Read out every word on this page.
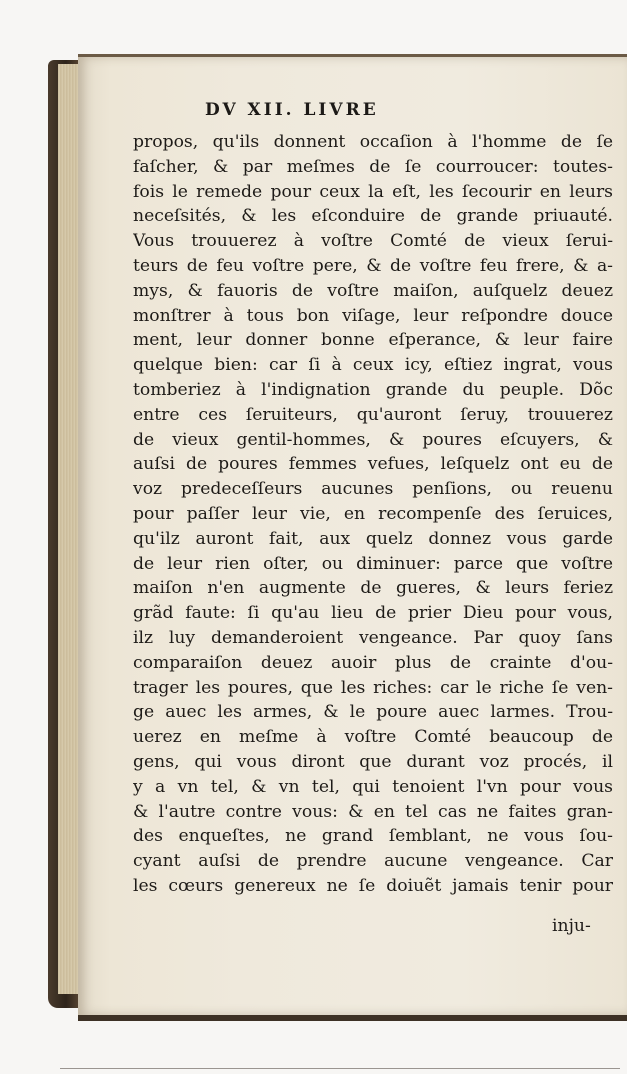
DV XII. LIVRE
propos, qu'ils donnent occaſion à l'homme de ſe
faſcher, & par meſmes de ſe courroucer: toutes-
fois le remede pour ceux la eſt, les ſecourir en leurs
neceſsités, & les eſconduire de grande priuauté.
Vous trouuerez à voſtre Comté de vieux ſerui-
teurs de feu voſtre pere, & de voſtre feu frere, & a-
mys, & fauoris de voſtre maiſon, auſquelz deuez
monſtrer à tous bon viſage, leur reſpondre douce
ment, leur donner bonne eſperance, & leur faire
quelque bien: car ſi à ceux icy, eſtiez ingrat, vous
tomberiez à l'indignation grande du peuple. Dõc
entre ces ſeruiteurs, qu'auront ſeruy, trouuerez
de vieux gentil-hommes, & poures eſcuyers, &
auſsi de poures femmes vefues, leſquelz ont eu de
voz predeceſſeurs aucunes penſions, ou reuenu
pour paſſer leur vie, en recompenſe des ſeruices,
qu'ilz auront fait, aux quelz donnez vous garde
de leur rien oſter, ou diminuer: parce que voſtre
maiſon n'en augmente de gueres, & leurs feriez
grãd faute: ſi qu'au lieu de prier Dieu pour vous,
ilz luy demanderoient vengeance. Par quoy ſans
comparaiſon deuez auoir plus de crainte d'ou-
trager les poures, que les riches: car le riche ſe ven-
ge auec les armes, & le poure auec larmes. Trou-
uerez en meſme à voſtre Comté beaucoup de
gens, qui vous diront que durant voz procés, il
y a vn tel, & vn tel, qui tenoient l'vn pour vous
& l'autre contre vous: & en tel cas ne faites gran-
des enqueſtes, ne grand ſemblant, ne vous ſou-
cyant auſsi de prendre aucune vengeance. Car
les cœurs genereux ne ſe doiuẽt jamais tenir pour
inju-
